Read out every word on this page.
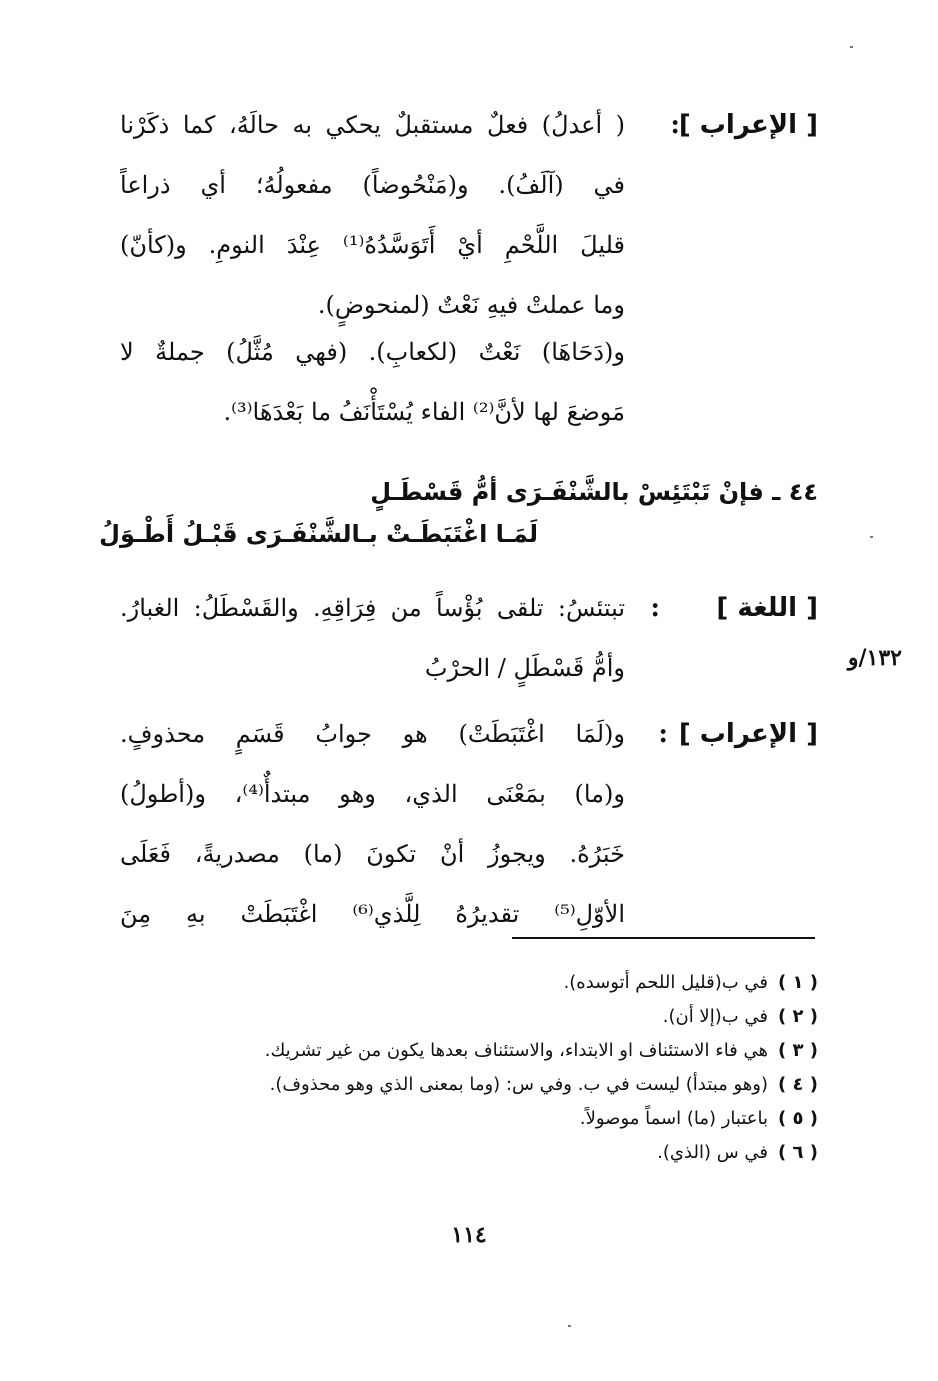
[ الإعراب ]
:
( أعدلُ) فعلٌ مستقبلٌ يحكي به حالَهُ، كما ذكَرْنا
في (آلَفُ). و(مَنْحُوضاً) مفعولُهُ؛ أي ذراعاً
قليلَ اللَّحْمِ أيْ أَتَوَسَّدُهُ⁽¹⁾ عِنْدَ النومِ. و(كأنّ)
وما عملتْ فيهِ نَعْتٌ (لمنحوضٍ).
و(دَحَاهَا) نَعْتٌ (لكعابِ). (فهي مُثَّلُ) جملةٌ لا
مَوضعَ لها لأنَّ⁽²⁾ الفاء يُسْتَأْنَفُ ما بَعْدَهَا⁽³⁾.
٤٤ ـ فإنْ تَبْتَئِسْ بالشَّنْفَـرَى أمُّ قَسْطَـلٍ
لَمَـا اغْتَبَطَـتْ بـالشَّنْفَـرَى قَبْـلُ أَطْـوَلُ
[ اللغة ]
:
تبتئسُ: تلقى بُؤْساً من فِرَاقِهِ. والقَسْطَلُ: الغبارُ.
وأمُّ قَسْطَلٍ / الحرْبُ	١٣٢/و
[ الإعراب ]
:
و(لَمَا اغْتَبَطَتْ) هو جوابُ قَسَمٍ محذوفٍ.
و(ما) بمَعْنَى الذي، وهو مبتدأٌ⁽⁴⁾، و(أطولُ)
خَبَرُهُ. ويجوزُ أنْ تكونَ (ما) مصدريةً، فَعَلَى
الأوّلِ⁽⁵⁾ تقديرُهُ لِلَّذي⁽⁶⁾ اغْتَبَطَتْ بهِ مِنَ
( ١ )في ب(قليل اللحم أتوسده).
( ٢ )في ب(إلا أن).
( ٣ )هي فاء الاستئناف او الابتداء، والاستئناف بعدها يكون من غير تشريك.
( ٤ )(وهو مبتدأ) ليست في ب. وفي س: (وما بمعنى الذي وهو محذوف).
( ٥ )باعتبار (ما) اسماً موصولاً.
( ٦ )في س (الذي).
١١٤
